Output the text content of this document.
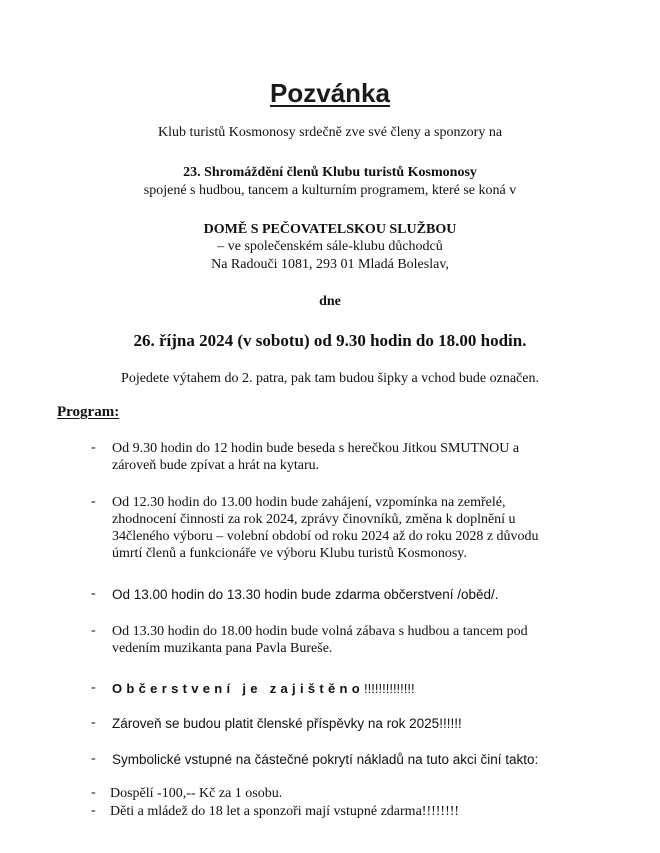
Pozvánka
Klub turistů Kosmonosy srdečně zve své členy a sponzory na
23. Shromáždění členů Klubu turistů Kosmonosy
spojené s hudbou, tancem a kulturním programem, které se koná v
DOMĚ S PEČOVATELSKOU SLUŽBOU
– ve společenském sále-klubu důchodců
Na Radouči 1081, 293 01 Mladá Boleslav,
dne
26. října 2024 (v sobotu) od 9.30 hodin do 18.00 hodin.
Pojedete výtahem do 2. patra, pak tam budou šipky a vchod bude označen.
Program:
- Od 9.30 hodin do 12 hodin bude beseda s herečkou Jitkou SMUTNOU a
zároveň bude zpívat a hrát na kytaru.
- Od 12.30 hodin do 13.00 hodin bude zahájení, vzpomínka na zemřelé,
zhodnocení činnosti za rok 2024, zprávy činovníků, změna k doplnění u
34členého výboru – volební období od roku 2024 až do roku 2028 z důvodu
úmrtí členů a funkcionáře ve výboru Klubu turistů Kosmonosy.
- Od 13.00 hodin do 13.30 hodin bude zdarma občerstvení /oběd/.
- Od 13.30 hodin do 18.00 hodin bude volná zábava s hudbou a tancem pod
vedením muzikanta pana Pavla Bureše.
- Občerstvení je zajištěno!!!!!!!!!!!!!!
- Zároveň se budou platit členské příspěvky na rok 2025!!!!!!
- Symbolické vstupné na částečné pokrytí nákladů na tuto akci činí takto:
- Dospělí -100,-- Kč za 1 osobu.
- Děti a mládež do 18 let a sponzoři mají vstupné zdarma!!!!!!!!
